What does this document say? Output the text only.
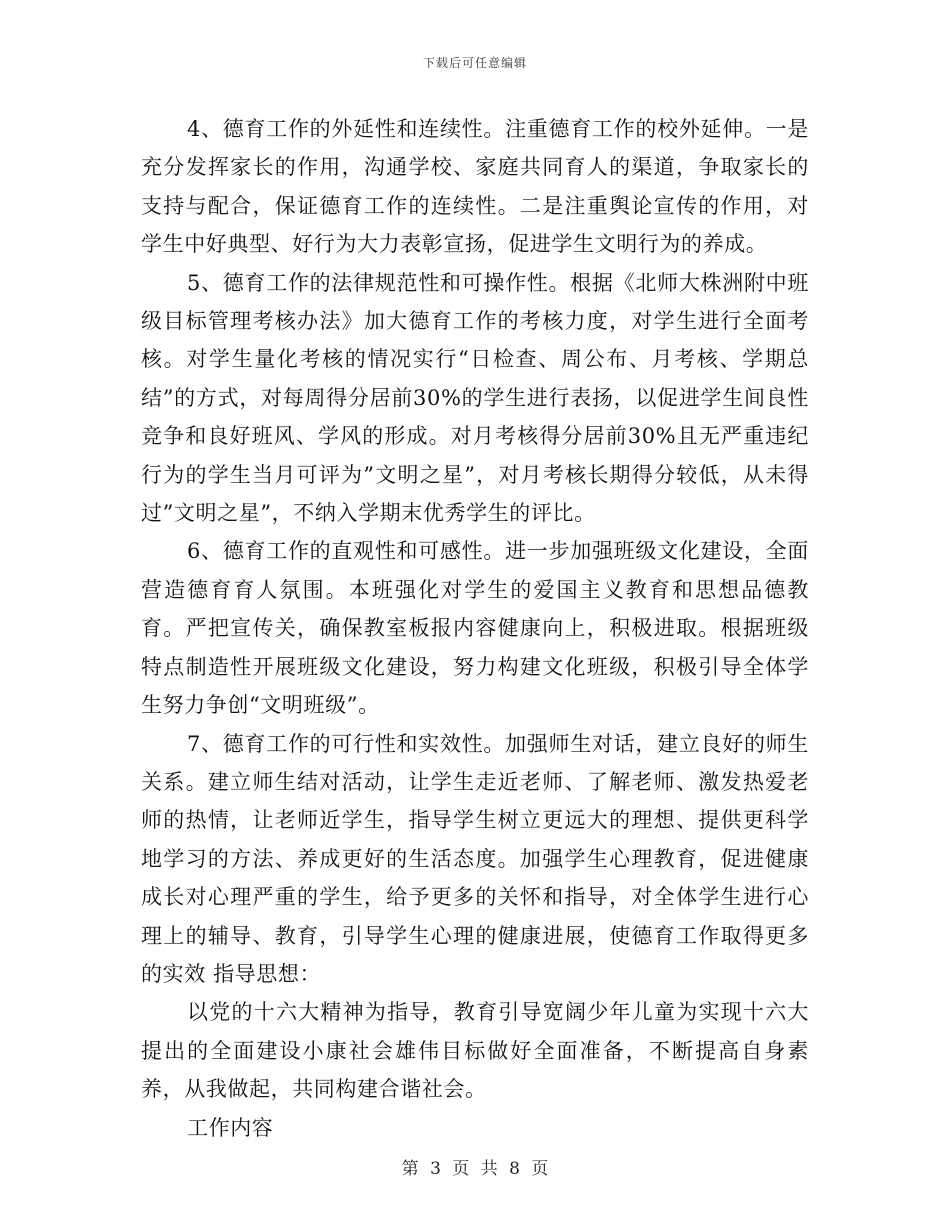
下载后可任意编辑

4、德育工作的外延性和连续性。注重德育工作的校外延伸。一是充分发挥家长的作用，沟通学校、家庭共同育人的渠道，争取家长的支持与配合，保证德育工作的连续性。二是注重舆论宣传的作用，对学生中好典型、好行为大力表彰宣扬，促进学生文明行为的养成。

5、德育工作的法律规范性和可操作性。根据《北师大株洲附中班级目标管理考核办法》加大德育工作的考核力度，对学生进行全面考核。对学生量化考核的情况实行“日检查、周公布、月考核、学期总结”的方式，对每周得分居前30%的学生进行表扬，以促进学生间良性竞争和良好班风、学风的形成。对月考核得分居前30%且无严重违纪行为的学生当月可评为”文明之星”，对月考核长期得分较低，从未得过”文明之星”，不纳入学期末优秀学生的评比。

6、德育工作的直观性和可感性。进一步加强班级文化建设，全面营造德育育人氛围。本班强化对学生的爱国主义教育和思想品德教育。严把宣传关，确保教室板报内容健康向上，积极进取。根据班级特点制造性开展班级文化建设，努力构建文化班级，积极引导全体学生努力争创“文明班级”。

7、德育工作的可行性和实效性。加强师生对话，建立良好的师生关系。建立师生结对活动，让学生走近老师、了解老师、激发热爱老师的热情，让老师近学生，指导学生树立更远大的理想、提供更科学地学习的方法、养成更好的生活态度。加强学生心理教育，促进健康成长对心理严重的学生，给予更多的关怀和指导，对全体学生进行心理上的辅导、教育，引导学生心理的健康进展，使德育工作取得更多的实效 指导思想：

以党的十六大精神为指导，教育引导宽阔少年儿童为实现十六大提出的全面建设小康社会雄伟目标做好全面准备，不断提高自身素养，从我做起，共同构建合谐社会。

工作内容

第 3 页 共 8 页
